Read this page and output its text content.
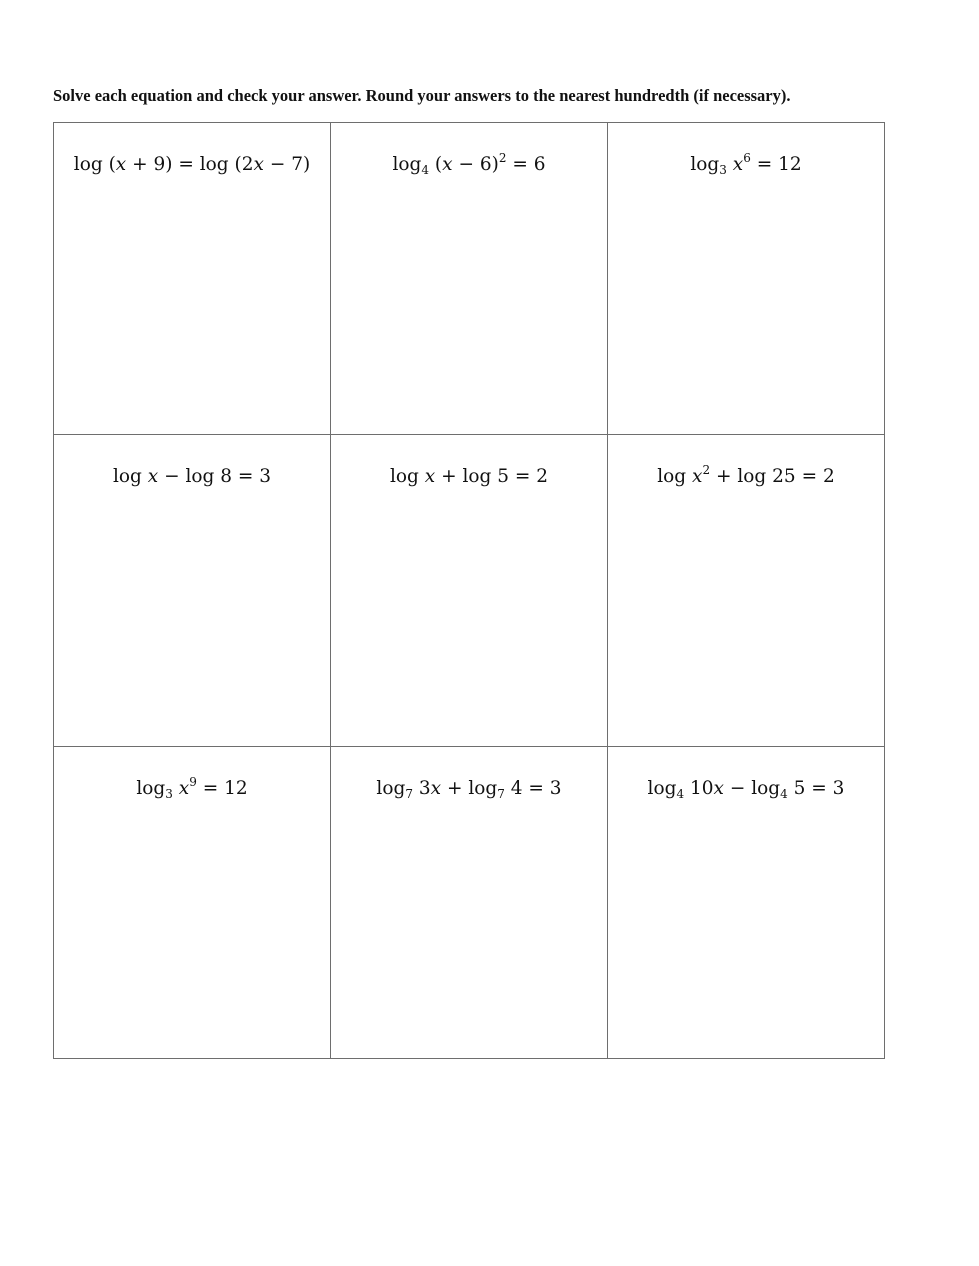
Solve each equation and check your answer. Round your answers to the nearest hundredth (if necessary).
log (x + 9) = log (2x − 7)	$\log_4 (x - 6)^2 = 6$	$\log_3 x^6 = 12$

log x − log 8 = 3	log x + log 5 = 2	$\log x^2 + \log 25 = 2$

$\log_3 x^9 = 12$	$\log_7 3x + \log_7 4 = 3$	$\log_4 10x - \log_4 5 = 3$
